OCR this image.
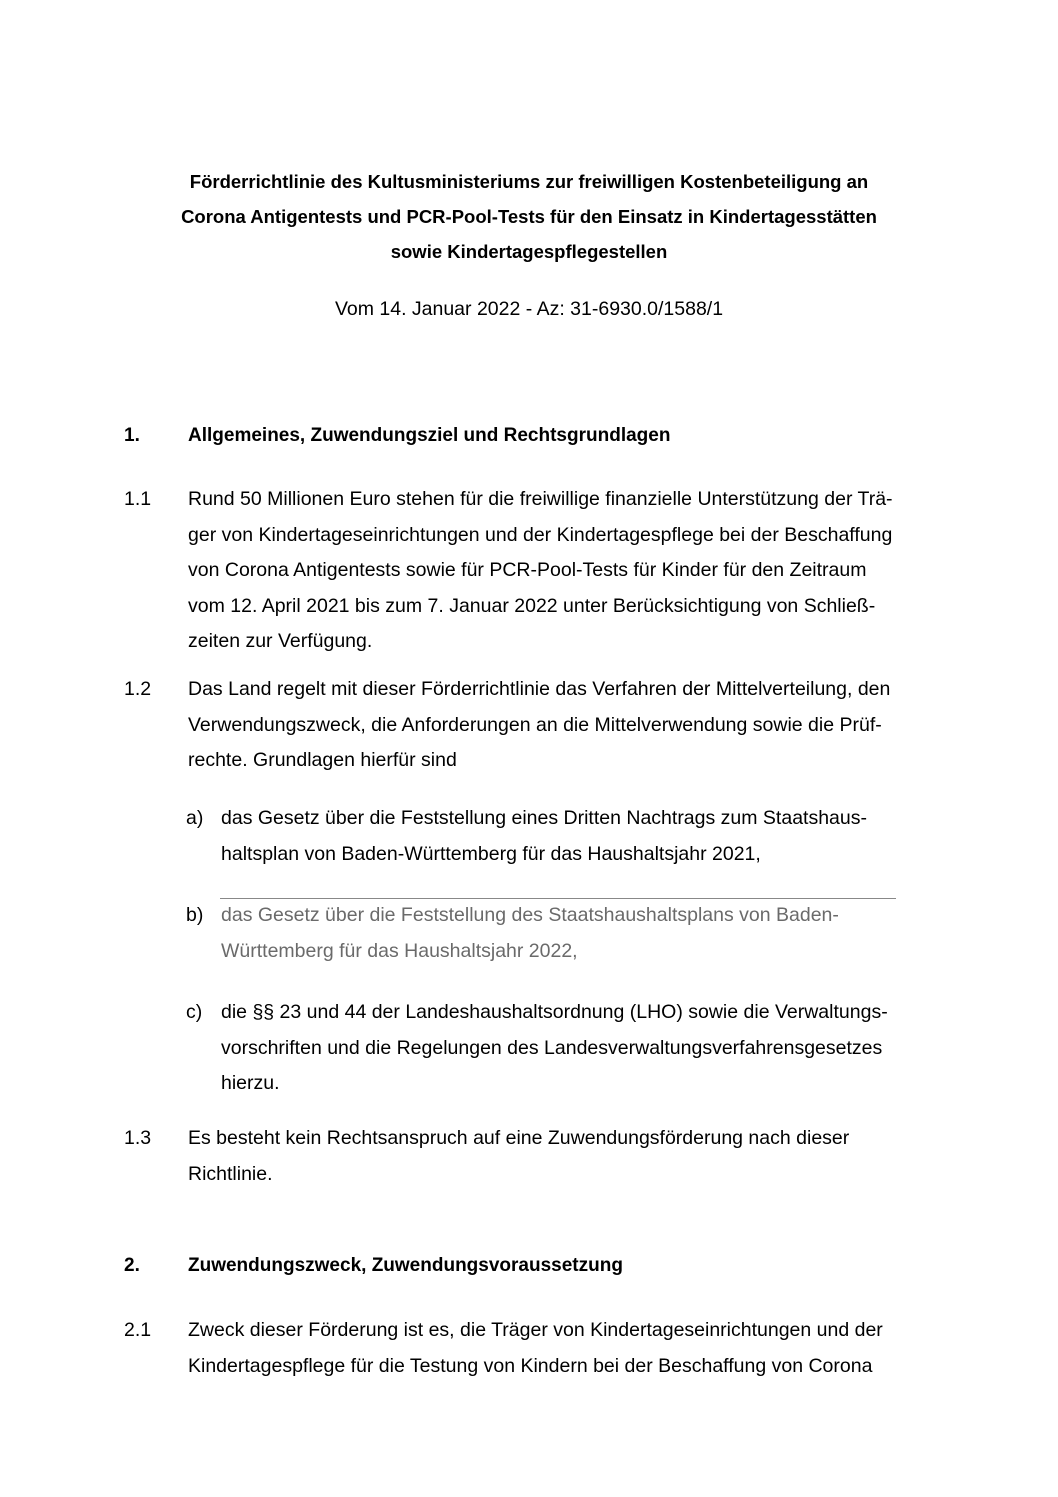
Förderrichtlinie des Kultusministeriums zur freiwilligen Kostenbeteiligung an
Corona Antigentests und PCR-Pool-Tests für den Einsatz in Kindertagesstätten
sowie Kindertagespflegestellen
Vom 14. Januar 2022 - Az: 31-6930.0/1588/1
1.	Allgemeines, Zuwendungsziel und Rechtsgrundlagen
1.1 Rund 50 Millionen Euro stehen für die freiwillige finanzielle Unterstützung der Trä-
ger von Kindertageseinrichtungen und der Kindertagespflege bei der Beschaffung
von Corona Antigentests sowie für PCR-Pool-Tests für Kinder für den Zeitraum
vom 12. April 2021 bis zum 7. Januar 2022 unter Berücksichtigung von Schließ-
zeiten zur Verfügung.
1.2 Das Land regelt mit dieser Förderrichtlinie das Verfahren der Mittelverteilung, den
Verwendungszweck, die Anforderungen an die Mittelverwendung sowie die Prüf-
rechte. Grundlagen hierfür sind
a) das Gesetz über die Feststellung eines Dritten Nachtrags zum Staatshaus-
haltsplan von Baden-Württemberg für das Haushaltsjahr 2021,
b) das Gesetz über die Feststellung des Staatshaushaltsplans von Baden-
Württemberg für das Haushaltsjahr 2022,
c) die §§ 23 und 44 der Landeshaushaltsordnung (LHO) sowie die Verwaltungs-
vorschriften und die Regelungen des Landesverwaltungsverfahrensgesetzes
hierzu.
1.3 Es besteht kein Rechtsanspruch auf eine Zuwendungsförderung nach dieser
Richtlinie.
2.	Zuwendungszweck, Zuwendungsvoraussetzung
2.1 Zweck dieser Förderung ist es, die Träger von Kindertageseinrichtungen und der
Kindertagespflege für die Testung von Kindern bei der Beschaffung von Corona
